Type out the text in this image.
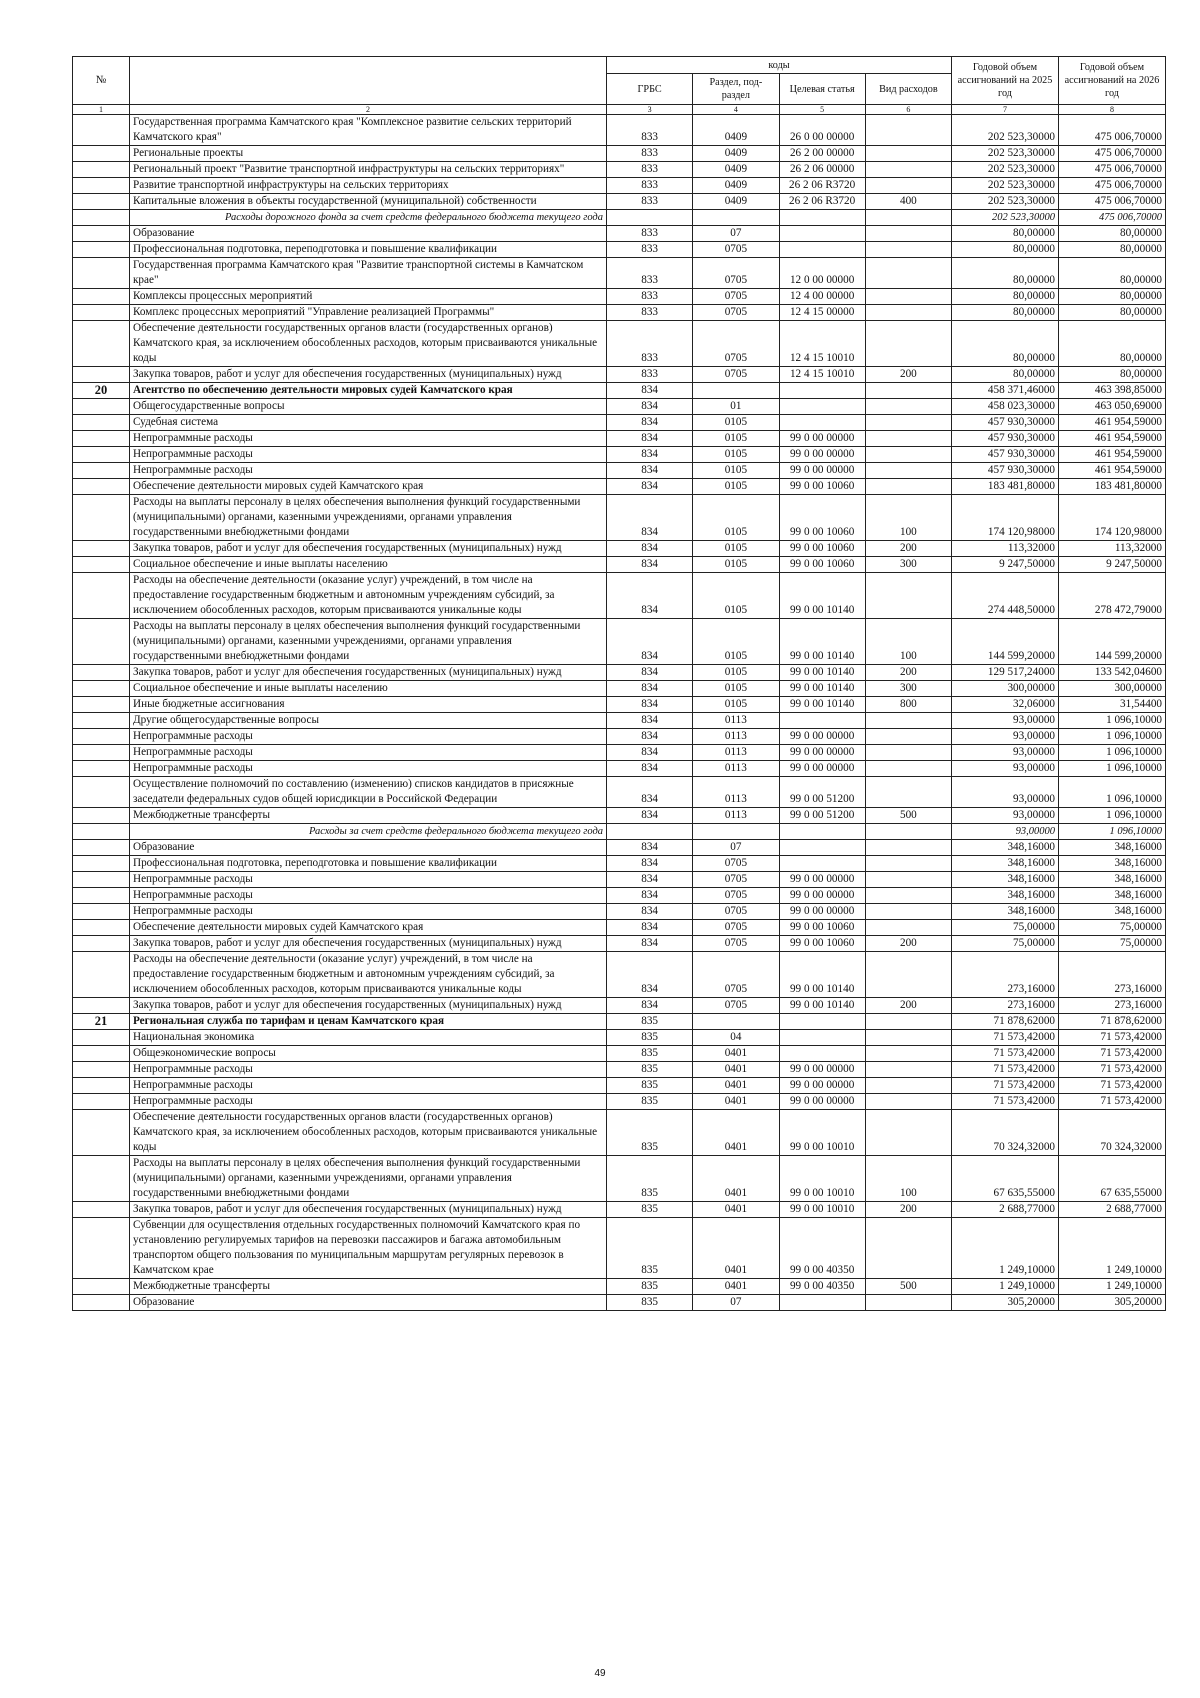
№		коды				Годовой объем ассигнований на 2025 год	Годовой объем ассигнований на 2026 год
		ГРБС	Раздел, под-раздел	Целевая статья	Вид расходов		
1	2	3	4	5	6	7	8
	Государственная программа Камчатского края "Комплексное развитие сельских территорий Камчатского края"	833	0409	26 0 00 00000		202 523,30000	475 006,70000
	Региональные проекты	833	0409	26 2 00 00000		202 523,30000	475 006,70000
	Региональный проект "Развитие транспортной инфраструктуры на сельских территориях"	833	0409	26 2 06 00000		202 523,30000	475 006,70000
	Развитие транспортной инфраструктуры на сельских территориях	833	0409	26 2 06 R3720		202 523,30000	475 006,70000
	Капитальные вложения в объекты государственной (муниципальной) собственности	833	0409	26 2 06 R3720	400	202 523,30000	475 006,70000
	Расходы дорожного фонда за счет средств федерального бюджета текущего года					202 523,30000	475 006,70000
	Образование	833	07			80,00000	80,00000
	Профессиональная подготовка, переподготовка и повышение квалификации	833	0705			80,00000	80,00000
	Государственная программа Камчатского края "Развитие транспортной системы в Камчатском крае"	833	0705	12 0 00 00000		80,00000	80,00000
	Комплексы процессных мероприятий	833	0705	12 4 00 00000		80,00000	80,00000
	Комплекс процессных мероприятий "Управление реализацией Программы"	833	0705	12 4 15 00000		80,00000	80,00000
	Обеспечение деятельности государственных органов власти (государственных органов) Камчатского края, за исключением обособленных расходов, которым присваиваются уникальные коды	833	0705	12 4 15 10010		80,00000	80,00000
	Закупка товаров, работ и услуг для обеспечения государственных (муниципальных) нужд	833	0705	12 4 15 10010	200	80,00000	80,00000
20	Агентство по обеспечению деятельности мировых судей Камчатского края	834				458 371,46000	463 398,85000
	Общегосударственные вопросы	834	01			458 023,30000	463 050,69000
	Судебная система	834	0105			457 930,30000	461 954,59000
	Непрограммные расходы	834	0105	99 0 00 00000		457 930,30000	461 954,59000
	Непрограммные расходы	834	0105	99 0 00 00000		457 930,30000	461 954,59000
	Непрограммные расходы	834	0105	99 0 00 00000		457 930,30000	461 954,59000
	Обеспечение деятельности мировых судей Камчатского края	834	0105	99 0 00 10060		183 481,80000	183 481,80000
	Расходы на выплаты персоналу в целях обеспечения выполнения функций государственными (муниципальными) органами, казенными учреждениями, органами управления государственными внебюджетными фондами	834	0105	99 0 00 10060	100	174 120,98000	174 120,98000
	Закупка товаров, работ и услуг для обеспечения государственных (муниципальных) нужд	834	0105	99 0 00 10060	200	113,32000	113,32000
	Социальное обеспечение и иные выплаты населению	834	0105	99 0 00 10060	300	9 247,50000	9 247,50000
	Расходы на обеспечение деятельности (оказание услуг) учреждений, в том числе на предоставление государственным бюджетным и автономным учреждениям субсидий, за исключением обособленных расходов, которым присваиваются уникальные коды	834	0105	99 0 00 10140		274 448,50000	278 472,79000
	Расходы на выплаты персоналу в целях обеспечения выполнения функций государственными (муниципальными) органами, казенными учреждениями, органами управления государственными внебюджетными фондами	834	0105	99 0 00 10140	100	144 599,20000	144 599,20000
	Закупка товаров, работ и услуг для обеспечения государственных (муниципальных) нужд	834	0105	99 0 00 10140	200	129 517,24000	133 542,04600
	Социальное обеспечение и иные выплаты населению	834	0105	99 0 00 10140	300	300,00000	300,00000
	Иные бюджетные ассигнования	834	0105	99 0 00 10140	800	32,06000	31,54400
	Другие общегосударственные вопросы	834	0113			93,00000	1 096,10000
	Непрограммные расходы	834	0113	99 0 00 00000		93,00000	1 096,10000
	Непрограммные расходы	834	0113	99 0 00 00000		93,00000	1 096,10000
	Непрограммные расходы	834	0113	99 0 00 00000		93,00000	1 096,10000
	Осуществление полномочий по составлению (изменению) списков кандидатов в присяжные заседатели федеральных судов общей юрисдикции в Российской Федерации	834	0113	99 0 00 51200		93,00000	1 096,10000
	Межбюджетные трансферты	834	0113	99 0 00 51200	500	93,00000	1 096,10000
	Расходы за счет средств федерального бюджета текущего года					93,00000	1 096,10000
	Образование	834	07			348,16000	348,16000
	Профессиональная подготовка, переподготовка и повышение квалификации	834	0705			348,16000	348,16000
	Непрограммные расходы	834	0705	99 0 00 00000		348,16000	348,16000
	Непрограммные расходы	834	0705	99 0 00 00000		348,16000	348,16000
	Непрограммные расходы	834	0705	99 0 00 00000		348,16000	348,16000
	Обеспечение деятельности мировых судей Камчатского края	834	0705	99 0 00 10060		75,00000	75,00000
	Закупка товаров, работ и услуг для обеспечения государственных (муниципальных) нужд	834	0705	99 0 00 10060	200	75,00000	75,00000
	Расходы на обеспечение деятельности (оказание услуг) учреждений, в том числе на предоставление государственным бюджетным и автономным учреждениям субсидий, за исключением обособленных расходов, которым присваиваются уникальные коды	834	0705	99 0 00 10140		273,16000	273,16000
	Закупка товаров, работ и услуг для обеспечения государственных (муниципальных) нужд	834	0705	99 0 00 10140	200	273,16000	273,16000
21	Региональная служба по тарифам и ценам Камчатского края	835				71 878,62000	71 878,62000
	Национальная экономика	835	04			71 573,42000	71 573,42000
	Общеэкономические вопросы	835	0401			71 573,42000	71 573,42000
	Непрограммные расходы	835	0401	99 0 00 00000		71 573,42000	71 573,42000
	Непрограммные расходы	835	0401	99 0 00 00000		71 573,42000	71 573,42000
	Непрограммные расходы	835	0401	99 0 00 00000		71 573,42000	71 573,42000
	Обеспечение деятельности государственных органов власти (государственных органов) Камчатского края, за исключением обособленных расходов, которым присваиваются уникальные коды	835	0401	99 0 00 10010		70 324,32000	70 324,32000
	Расходы на выплаты персоналу в целях обеспечения выполнения функций государственными (муниципальными) органами, казенными учреждениями, органами управления государственными внебюджетными фондами	835	0401	99 0 00 10010	100	67 635,55000	67 635,55000
	Закупка товаров, работ и услуг для обеспечения государственных (муниципальных) нужд	835	0401	99 0 00 10010	200	2 688,77000	2 688,77000
	Субвенции для осуществления отдельных государственных полномочий Камчатского края по установлению регулируемых тарифов на перевозки пассажиров и багажа автомобильным транспортом общего пользования по муниципальным маршрутам регулярных перевозок в Камчатском крае	835	0401	99 0 00 40350		1 249,10000	1 249,10000
	Межбюджетные трансферты	835	0401	99 0 00 40350	500	1 249,10000	1 249,10000
	Образование	835	07			305,20000	305,20000
49
